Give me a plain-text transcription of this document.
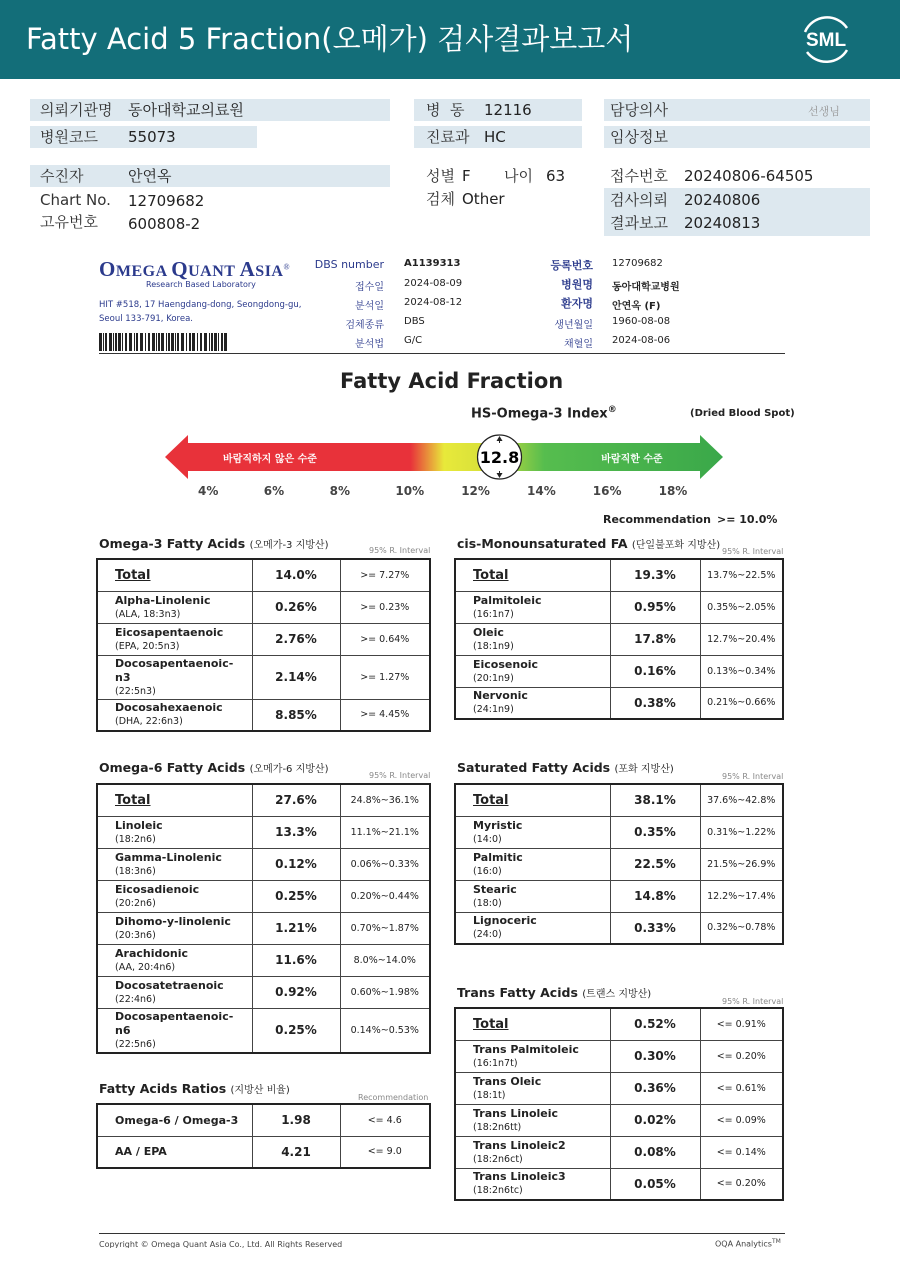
Fatty Acid 5 Fraction(오메가) 검사결과보고서	SML
의뢰기관명 동아대학교의료원
병원코드 55073
병  동 12116
진료과 HC
담당의사	선생님
임상정보
수진자	안연옥
Chart No. 12709682
고유번호 600808-2
성별 F 나이 63
검체 Other
접수번호 20240806-64505
검사의뢰 20240806
결과보고 20240813
OMEGA QUANT ASIA®
Research Based Laboratory
HIT #518, 17 Haengdang-dong, Seongdong-gu,
Seoul 133-791, Korea.
DBS number A1139313
접수일 2024-08-09
분석일 2024-08-12
검체종류 DBS
분석법 G/C
등록번호 12709682
병원명 동아대학교병원
환자명 안연옥 (F)
생년월일 1960-08-08
채혈일 2024-08-06
Fatty Acid Fraction
HS-Omega-3 Index®	(Dried Blood Spot)
바람직하지 않은 수준	바람직한 수준
12.8
4%	6%	8%	10%	12%	14%	16%	18%
Recommendation >= 10.0%
Omega-3 Fatty Acids (오메가-3 지방산)	95% R. Interval cis-Monounsaturated FA (단일불포화 지방산)
95% R. Interval
Omega-6 Fatty Acids (오메가-6 지방산)
95% R. Interval
Saturated Fatty Acids (포화 지방산)
95% R. Interval
Trans Fatty Acids (트랜스 지방산)
95% R. Interval
Fatty Acids Ratios (지방산 비율)
Recommendation
Total	14.0%	>= 7.27%
Alpha-Linolenic
(ALA, 18:3n3)	0.26%	>= 0.23%
Eicosapentaenoic
(EPA, 20:5n3)	2.76%	>= 0.64%
Docosapentaenoic-n3
(22:5n3)	2.14%	>= 1.27%
Docosahexaenoic
(DHA, 22:6n3)	8.85%	>= 4.45%
Total	19.3%	13.7%~22.5%
Palmitoleic
(16:1n7)	0.95%	0.35%~2.05%
Oleic
(18:1n9)	17.8%	12.7%~20.4%
Eicosenoic
(20:1n9)	0.16%	0.13%~0.34%
Nervonic
(24:1n9)	0.38%	0.21%~0.66%
Total	27.6%	24.8%~36.1%
Linoleic
(18:2n6)	13.3%	11.1%~21.1%
Gamma-Linolenic
(18:3n6)	0.12%	0.06%~0.33%
Eicosadienoic
(20:2n6)	0.25%	0.20%~0.44%
Dihomo-y-linolenic
(20:3n6)	1.21%	0.70%~1.87%
Arachidonic
(AA, 20:4n6)	11.6%	8.0%~14.0%
Docosatetraenoic
(22:4n6)	0.92%	0.60%~1.98%
Docosapentaenoic-n6
(22:5n6)	0.25%	0.14%~0.53%
Total	38.1%	37.6%~42.8%
Myristic
(14:0)	0.35%	0.31%~1.22%
Palmitic
(16:0)	22.5%	21.5%~26.9%
Stearic
(18:0)	14.8%	12.2%~17.4%
Lignoceric
(24:0)	0.33%	0.32%~0.78%
Total	0.52%	<= 0.91%
Trans Palmitoleic
(16:1n7t)	0.30%	<= 0.20%
Trans Oleic
(18:1t)	0.36%	<= 0.61%
Trans Linoleic
(18:2n6tt)	0.02%	<= 0.09%
Trans Linoleic2
(18:2n6ct)	0.08%	<= 0.14%
Trans Linoleic3
(18:2n6tc)	0.05%	<= 0.20%
Omega-6 / Omega-3	1.98	<= 4.6
AA / EPA	4.21	<= 9.0
Copyright © Omega Quant Asia Co., Ltd. All Rights Reserved	OQA Analytics™
